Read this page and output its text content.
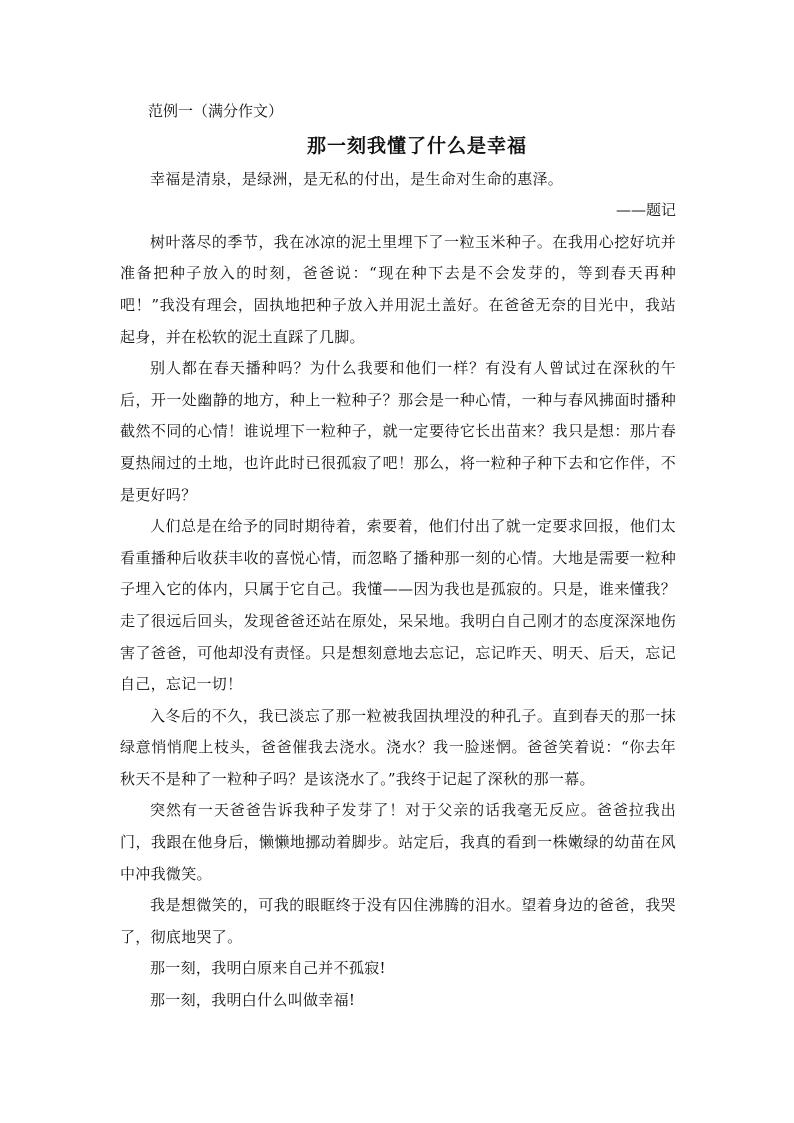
范例一（满分作文）

那一刻我懂了什么是幸福

幸福是清泉，是绿洲，是无私的付出，是生命对生命的惠泽。

——题记

树叶落尽的季节，我在冰凉的泥土里埋下了一粒玉米种子。在我用心挖好坑并准备把种子放入的时刻，爸爸说：“现在种下去是不会发芽的，等到春天再种吧！”我没有理会，固执地把种子放入并用泥土盖好。在爸爸无奈的目光中，我站起身，并在松软的泥土直踩了几脚。

别人都在春天播种吗？为什么我要和他们一样？有没有人曾试过在深秋的午后，开一处幽静的地方，种上一粒种子？那会是一种心情，一种与春风拂面时播种截然不同的心情！谁说埋下一粒种子，就一定要待它长出苗来？我只是想：那片春夏热闹过的土地，也许此时已很孤寂了吧！那么，将一粒种子种下去和它作伴，不是更好吗？

人们总是在给予的同时期待着，索要着，他们付出了就一定要求回报，他们太看重播种后收获丰收的喜悦心情，而忽略了播种那一刻的心情。大地是需要一粒种子埋入它的体内，只属于它自己。我懂——因为我也是孤寂的。只是，谁来懂我？走了很远后回头，发现爸爸还站在原处，呆呆地。我明白自己刚才的态度深深地伤害了爸爸，可他却没有责怪。只是想刻意地去忘记，忘记昨天、明天、后天，忘记自己，忘记一切！

入冬后的不久，我已淡忘了那一粒被我固执埋没的种孔子。直到春天的那一抹绿意悄悄爬上枝头，爸爸催我去浇水。浇水？我一脸迷惘。爸爸笑着说：“你去年秋天不是种了一粒种子吗？是该浇水了。”我终于记起了深秋的那一幕。

突然有一天爸爸告诉我种子发芽了！对于父亲的话我毫无反应。爸爸拉我出门，我跟在他身后，懒懒地挪动着脚步。站定后，我真的看到一株嫩绿的幼苗在风中冲我微笑。

我是想微笑的，可我的眼眶终于没有囚住沸腾的泪水。望着身边的爸爸，我哭了，彻底地哭了。

那一刻，我明白原来自己并不孤寂!

那一刻，我明白什么叫做幸福!
